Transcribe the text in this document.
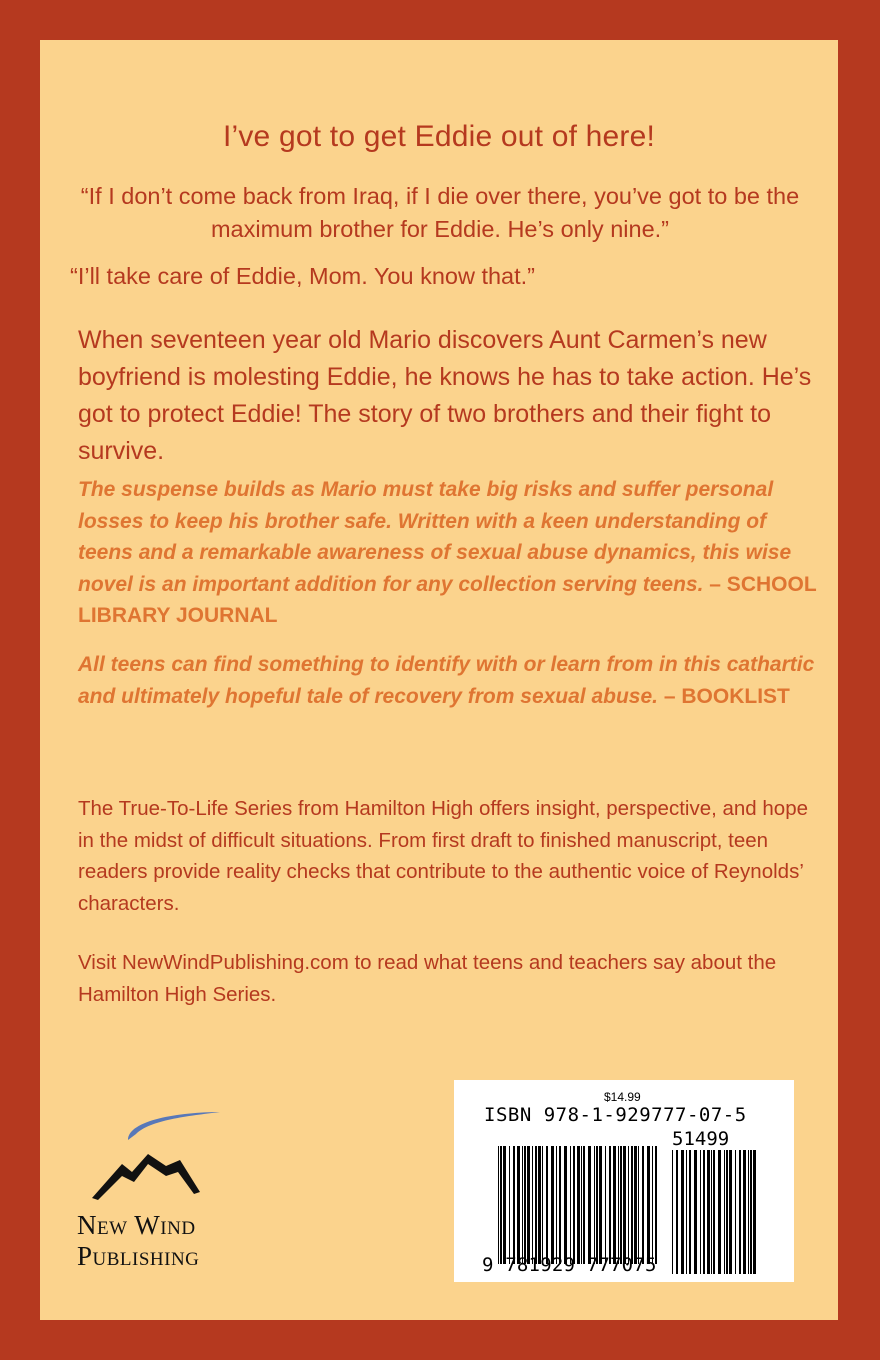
I’ve got to get Eddie out of here!

“If I don’t come back from Iraq, if I die over there, you’ve got to be the maximum brother for Eddie. He’s only nine.”

“I’ll take care of Eddie, Mom. You know that.”

When seventeen year old Mario discovers Aunt Carmen’s new boyfriend is molesting Eddie, he knows he has to take action. He’s got to protect Eddie! The story of two brothers and their fight to survive.

The suspense builds as Mario must take big risks and suffer personal losses to keep his brother safe. Written with a keen understanding of teens and a remarkable awareness of sexual abuse dynamics, this wise novel is an important addition for any collection serving teens. – SCHOOL LIBRARY JOURNAL

All teens can find something to identify with or learn from in this cathartic and ultimately hopeful tale of recovery from sexual abuse. – BOOKLIST

The True-To-Life Series from Hamilton High offers insight, perspective, and hope in the midst of difficult situations. From first draft to finished manuscript, teen readers provide reality checks that contribute to the authentic voice of Reynolds’ characters.

Visit NewWindPublishing.com to read what teens and teachers say about the Hamilton High Series.

New Wind
Publishing
$14.99
ISBN 978-1-929777-07-5
51499
9 781929 777075
